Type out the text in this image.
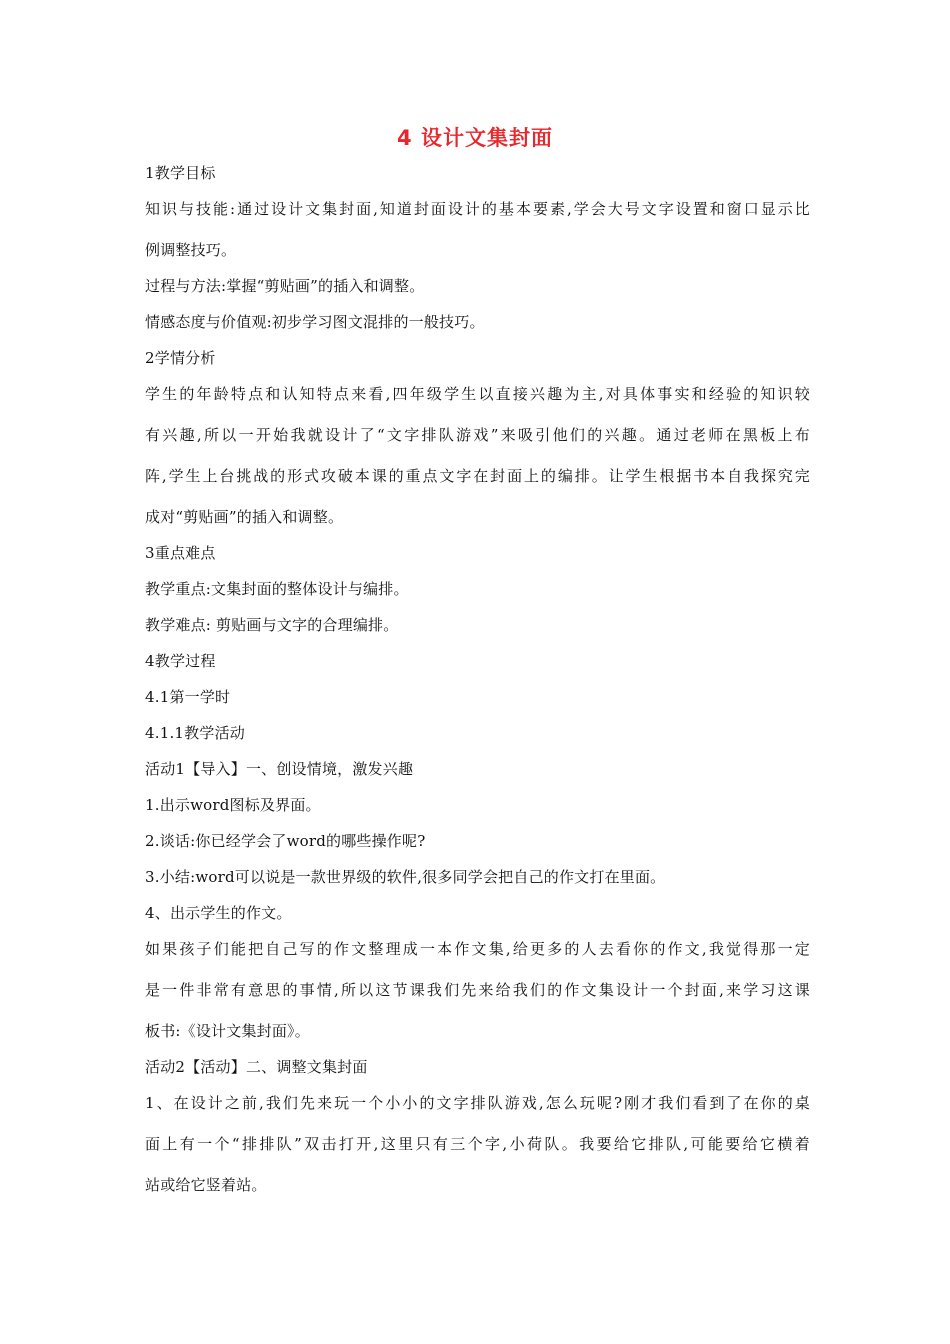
4 设计文集封面
1教学目标
知识与技能:通过设计文集封面,知道封面设计的基本要素,学会大号文字设置和窗口显示比
例调整技巧。
过程与方法:掌握“剪贴画”的插入和调整。
情感态度与价值观:初步学习图文混排的一般技巧。
2学情分析
学生的年龄特点和认知特点来看,四年级学生以直接兴趣为主,对具体事实和经验的知识较
有兴趣,所以一开始我就设计了“文字排队游戏”来吸引他们的兴趣。通过老师在黑板上布
阵,学生上台挑战的形式攻破本课的重点文字在封面上的编排。让学生根据书本自我探究完
成对“剪贴画”的插入和调整。
3重点难点
教学重点:文集封面的整体设计与编排。
教学难点: 剪贴画与文字的合理编排。
4教学过程
4.1第一学时
4.1.1教学活动
活动1【导入】一、创设情境，激发兴趣
1.出示word图标及界面。
2.谈话:你已经学会了word的哪些操作呢?
3.小结:word可以说是一款世界级的软件,很多同学会把自己的作文打在里面。
4、出示学生的作文。
如果孩子们能把自己写的作文整理成一本作文集,给更多的人去看你的作文,我觉得那一定
是一件非常有意思的事情,所以这节课我们先来给我们的作文集设计一个封面,来学习这课
板书:《设计文集封面》。
活动2【活动】二、调整文集封面
1、在设计之前,我们先来玩一个小小的文字排队游戏,怎么玩呢?刚才我们看到了在你的桌
面上有一个“排排队”双击打开,这里只有三个字,小荷队。我要给它排队,可能要给它横着
站或给它竖着站。
